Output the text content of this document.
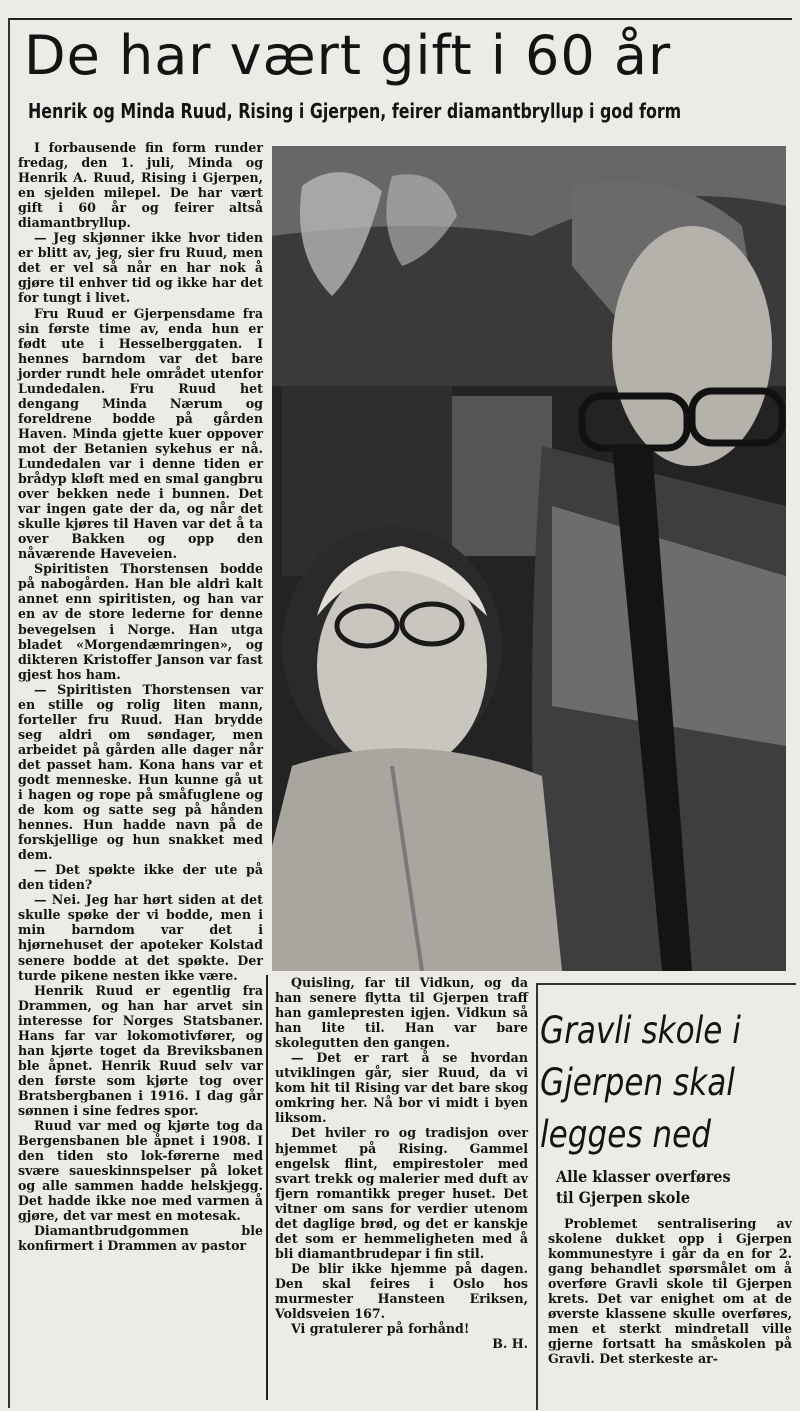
De har vært gift i 60 år
Henrik og Minda Ruud, Rising i Gjerpen, feirer diamantbryllup i god form

I forbausende fin form runder fredag, den 1. juli, Minda og Henrik A. Ruud, Rising i Gjerpen, en sjelden milepel. De har vært gift i 60 år og feirer altså diamantbryllup.

— Jeg skjønner ikke hvor tiden er blitt av, jeg, sier fru Ruud, men det er vel så når en har nok å gjøre til enhver tid og ikke har det for tungt i livet.

Fru Ruud er Gjerpensdame fra sin første time av, enda hun er født ute i Hesselberggaten. I hennes barndom var det bare jorder rundt hele området utenfor Lundedalen. Fru Ruud het dengang Minda Nærum og foreldrene bodde på gården Haven. Minda gjette kuer oppover mot der Betanien sykehus er nå. Lundedalen var i denne tiden er brådyp kløft med en smal gangbru over bekken nede i bunnen. Det var ingen gate der da, og når det skulle kjøres til Haven var det å ta over Bakken og opp den nåværende Haveveien.

Spiritisten Thorstensen bodde på nabogården. Han ble aldri kalt annet enn spiritisten, og han var en av de store lederne for denne bevegelsen i Norge. Han utga bladet «Morgendæmringen», og dikteren Kristoffer Janson var fast gjest hos ham.

— Spiritisten Thorstensen var en stille og rolig liten mann, forteller fru Ruud. Han brydde seg aldri om søndager, men arbeidet på gården alle dager når det passet ham. Kona hans var et godt menneske. Hun kunne gå ut i hagen og rope på småfuglene og de kom og satte seg på hånden hennes. Hun hadde navn på de forskjellige og hun snakket med dem.

— Det spøkte ikke der ute på den tiden?

— Nei. Jeg har hørt siden at det skulle spøke der vi bodde, men i min barndom var det i hjørnehuset der apoteker Kolstad senere bodde at det spøkte. Der turde pikene nesten ikke være.

Henrik Ruud er egentlig fra Drammen, og han har arvet sin interesse for Norges Statsbaner. Hans far var lokomotivfører, og han kjørte toget da Breviksbanen ble åpnet. Henrik Ruud selv var den første som kjørte tog over Bratsbergbanen i 1916. I dag går sønnen i sine fedres spor.

Ruud var med og kjørte tog da Bergensbanen ble åpnet i 1908. I den tiden sto lok-førerne med svære saueskinnspelser på loket og alle sammen hadde helskjegg. Det hadde ikke noe med varmen å gjøre, det var mest en motesak.

Diamantbrudgommen ble konfirmert i Drammen av pastor

Quisling, far til Vidkun, og da han senere flytta til Gjerpen traff han gamlepresten igjen. Vidkun så han lite til. Han var bare skolegutten den gangen.

— Det er rart å se hvordan utviklingen går, sier Ruud, da vi kom hit til Rising var det bare skog omkring her. Nå bor vi midt i byen liksom.

Det hviler ro og tradisjon over hjemmet på Rising. Gammel engelsk flint, empirestoler med svart trekk og malerier med duft av fjern romantikk preger huset. Det vitner om sans for verdier utenom det daglige brød, og det er kanskje det som er hemmeligheten med å bli diamantbrudepar i fin stil.

De blir ikke hjemme på dagen. Den skal feires i Oslo hos murmester Hansteen Eriksen, Voldsveien 167.

Vi gratulerer på forhånd!

B. H.

Gravli skole i
Gjerpen skal
legges ned
Alle klasser overføres
til Gjerpen skole

Problemet sentralisering av skolene dukket opp i Gjerpen kommunestyre i går da en for 2. gang behandlet spørsmålet om å overføre Gravli skole til Gjerpen krets. Det var enighet om at de øverste klassene skulle overføres, men et sterkt mindretall ville gjerne fortsatt ha småskolen på Gravli. Det sterkeste ar-
